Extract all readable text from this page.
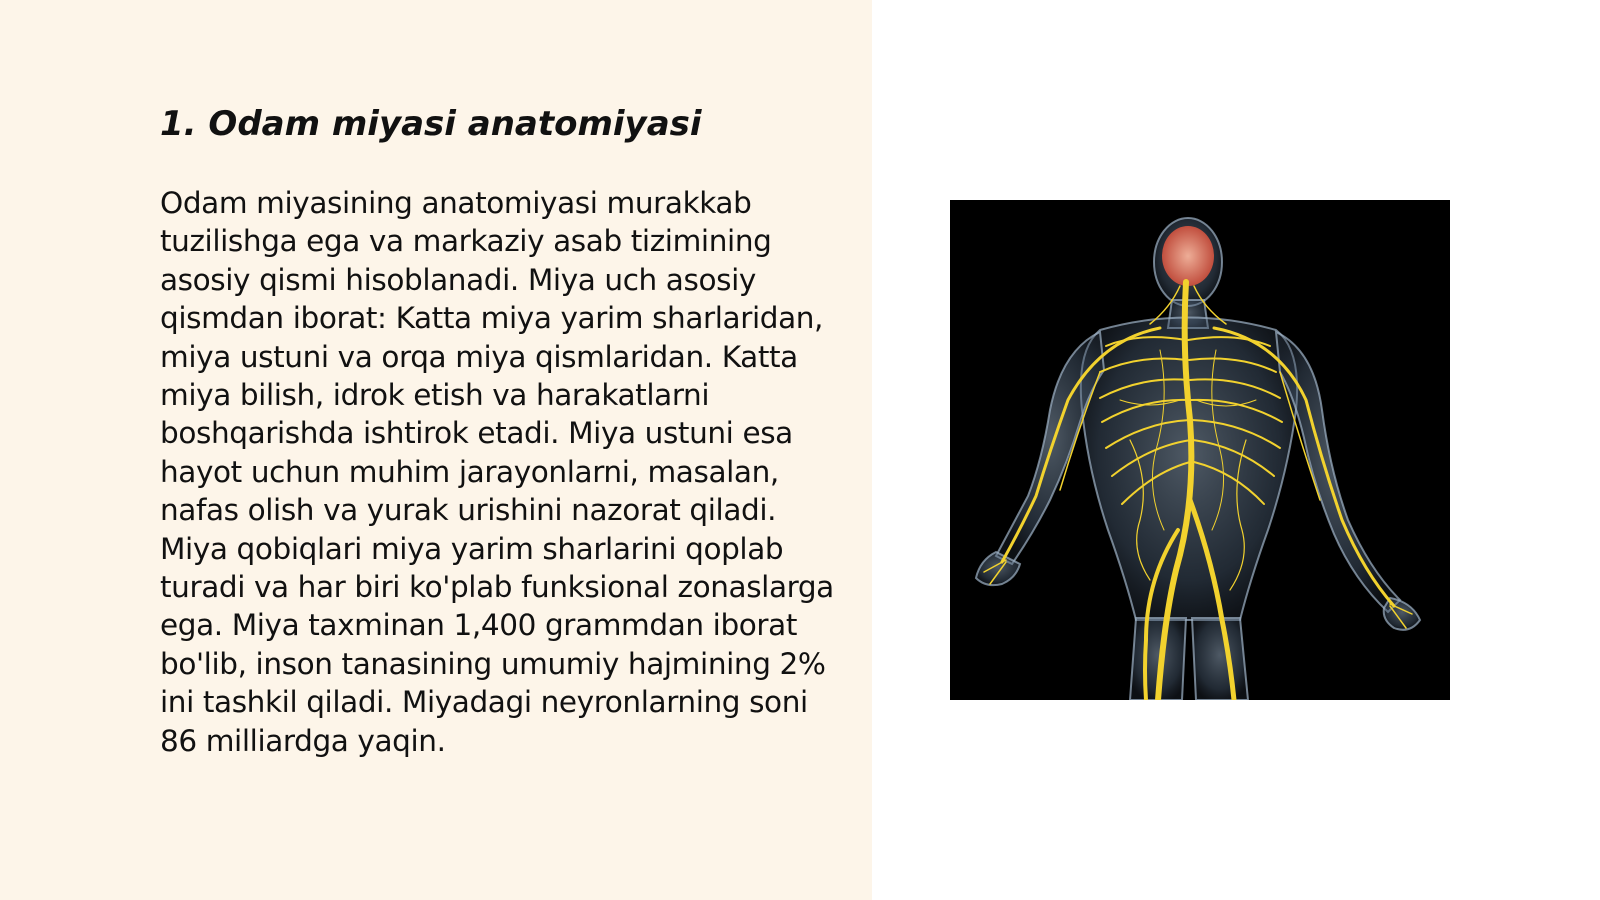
1. Odam miyasi anatomiyasi

Odam miyasining anatomiyasi murakkab tuzilishga ega va markaziy asab tizimining asosiy qismi hisoblanadi. Miya uch asosiy qismdan iborat: Katta miya yarim sharlaridan, miya ustuni va orqa miya qismlaridan. Katta miya bilish, idrok etish va harakatlarni boshqarishda ishtirok etadi. Miya ustuni esa hayot uchun muhim jarayonlarni, masalan, nafas olish va yurak urishini nazorat qiladi. Miya qobiqlari miya yarim sharlarini qoplab turadi va har biri ko'plab funksional zonaslarga ega. Miya taxminan 1,400 grammdan iborat bo'lib, inson tanasining umumiy hajmining 2% ini tashkil qiladi. Miyadagi neyronlarning soni 86 milliardga yaqin.
